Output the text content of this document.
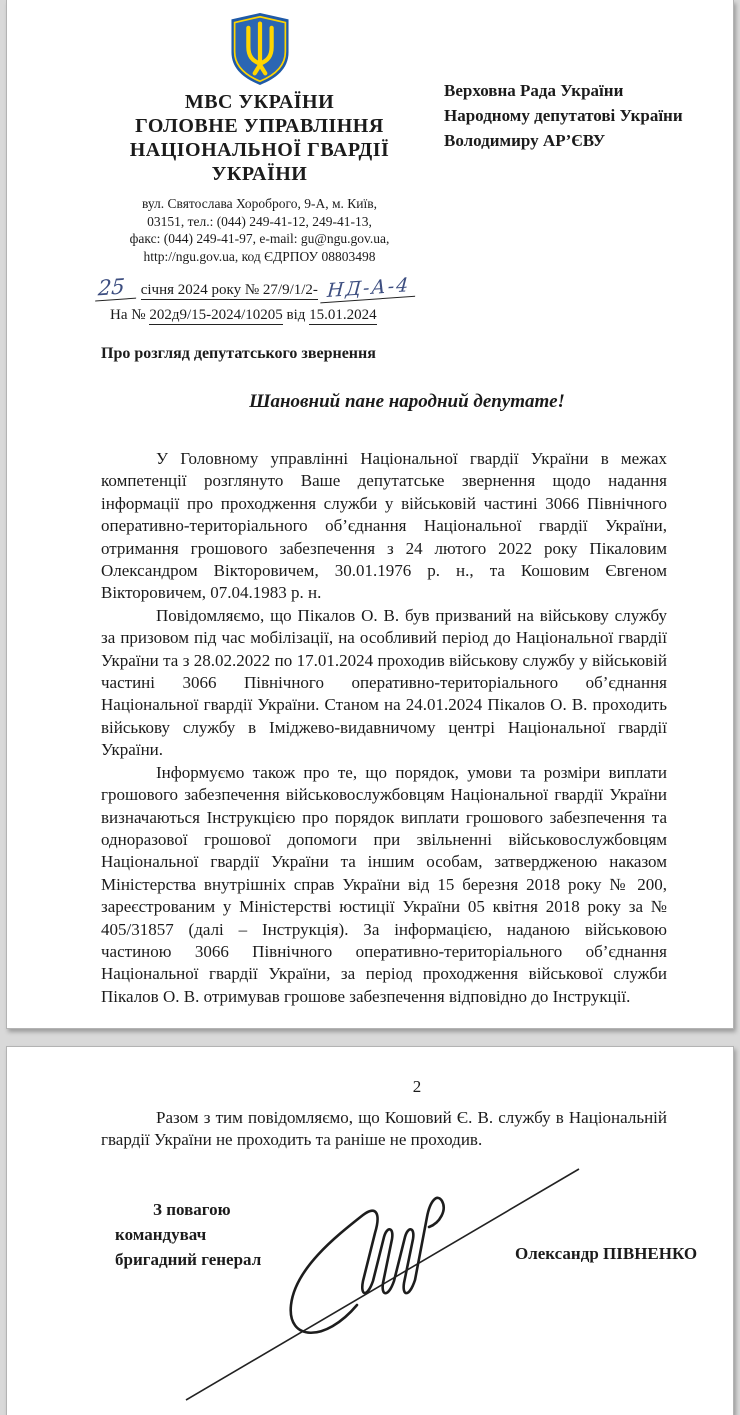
МВС УКРАЇНИ
ГОЛОВНЕ УПРАВЛІННЯ
НАЦІОНАЛЬНОЇ ГВАРДІЇ
УКРАЇНИ
вул. Святослава Хороброго, 9-А, м. Київ,
03151, тел.: (044) 249-41-12, 249-41-13,
факс: (044) 249-41-97, e-mail: gu@ngu.gov.ua,
http://ngu.gov.ua, код ЄДРПОУ 08803498
25 січня 2024 року № 27/9/1/2- НД-А-4
На № 202д9/15-2024/10205 від 15.01.2024
Верховна Рада України
Народному депутатові України
Володимиру АР’ЄВУ
Про розгляд депутатського звернення
Шановний пане народний депутате!

У Головному управлінні Національної гвардії України в межах компетенції розглянуто Ваше депутатське звернення щодо надання інформації про проходження служби у військовій частині 3066 Північного оперативно-територіального об’єднання Національної гвардії України, отримання грошового забезпечення з 24 лютого 2022 року Пікаловим Олександром Вікторовичем, 30.01.1976 р. н., та Кошовим Євгеном Вікторовичем, 07.04.1983 р. н.

Повідомляємо, що Пікалов О. В. був призваний на військову службу за призовом під час мобілізації, на особливий період до Національної гвардії України та з 28.02.2022 по 17.01.2024 проходив військову службу у військовій частині 3066 Північного оперативно-територіального об’єднання Національної гвардії України. Станом на 24.01.2024 Пікалов О. В. проходить військову службу в Іміджево-видавничому центрі Національної гвардії України.

Інформуємо також про те, що порядок, умови та розміри виплати грошового забезпечення військовослужбовцям Національної гвардії України визначаються Інструкцією про порядок виплати грошового забезпечення та одноразової грошової допомоги при звільненні військовослужбовцям Національної гвардії України та іншим особам, затвердженою наказом Міністерства внутрішніх справ України від 15 березня 2018 року № 200, зареєстрованим у Міністерстві юстиції України 05 квітня 2018 року за № 405/31857 (далі – Інструкція). За інформацією, наданою військовою частиною 3066 Північного оперативно-територіального об’єднання Національної гвардії України, за період проходження військової служби Пікалов О. В. отримував грошове забезпечення відповідно до Інструкції.

2

Разом з тим повідомляємо, що Кошовий Є. В. службу в Національній гвардії України не проходить та раніше не проходив.

З повагою
командувач
бригадний генерал	Олександр ПІВНЕНКО
